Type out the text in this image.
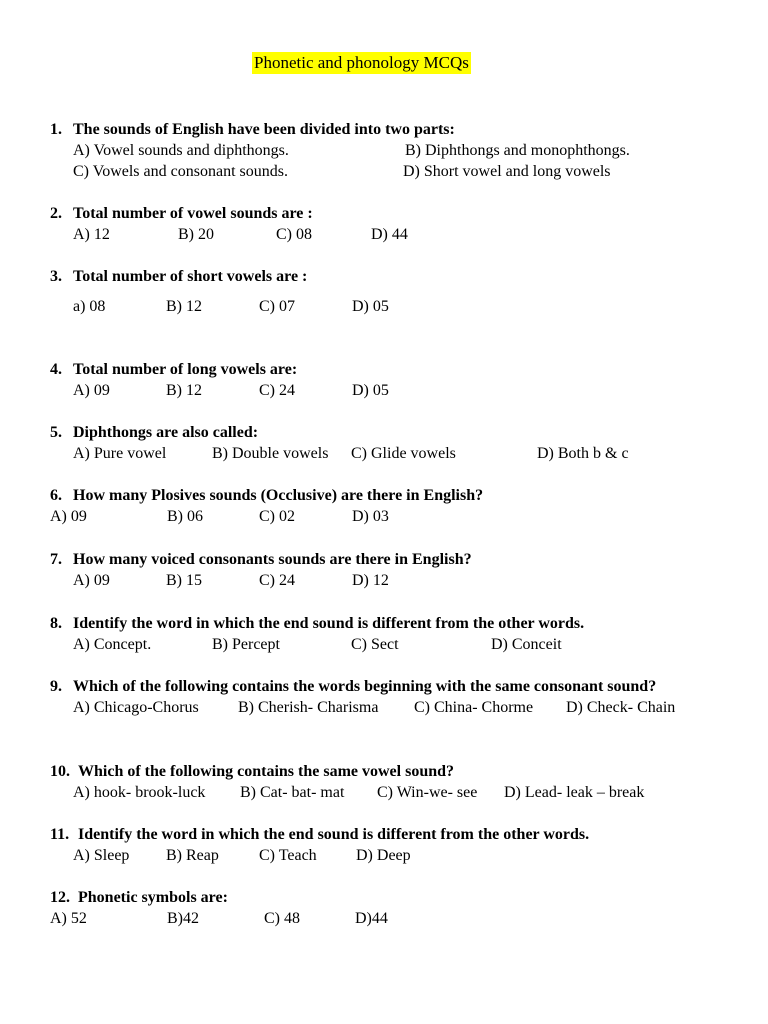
Phonetic and phonology MCQs
1. The sounds of English have been divided into two parts:
A) Vowel sounds and diphthongs.	B) Diphthongs and monophthongs.
C) Vowels and consonant sounds.	D) Short vowel and long vowels
2. Total number of vowel sounds are :
A) 12	B) 20	C) 08	D) 44
3. Total number of short vowels are :
a) 08	B) 12	C) 07	D) 05
4. Total number of long vowels are:
A) 09	B) 12	C) 24	D) 05
5. Diphthongs are also called:
A) Pure vowel	B) Double vowels C) Glide vowels	D) Both b & c
6. How many Plosives sounds (Occlusive) are there in English?
A) 09	B) 06	C) 02	D) 03
7. How many voiced consonants sounds are there in English?
A) 09	B) 15	C) 24	D) 12
8. Identify the word in which the end sound is different from the other words.
A) Concept.	B) Percept	C) Sect	D) Conceit
9. Which of the following contains the words beginning with the same consonant sound?
A) Chicago-Chorus B) Cherish- Charisma C) China- Chorme D) Check- Chain
10. Which of the following contains the same vowel sound?
A) hook- brook-luck B) Cat- bat- mat C) Win-we- see D) Lead- leak – break
11. Identify the word in which the end sound is different from the other words.
A) Sleep B) Reap	C) Teach D) Deep
12. Phonetic symbols are:
A) 52	B)42	C) 48	D)44
